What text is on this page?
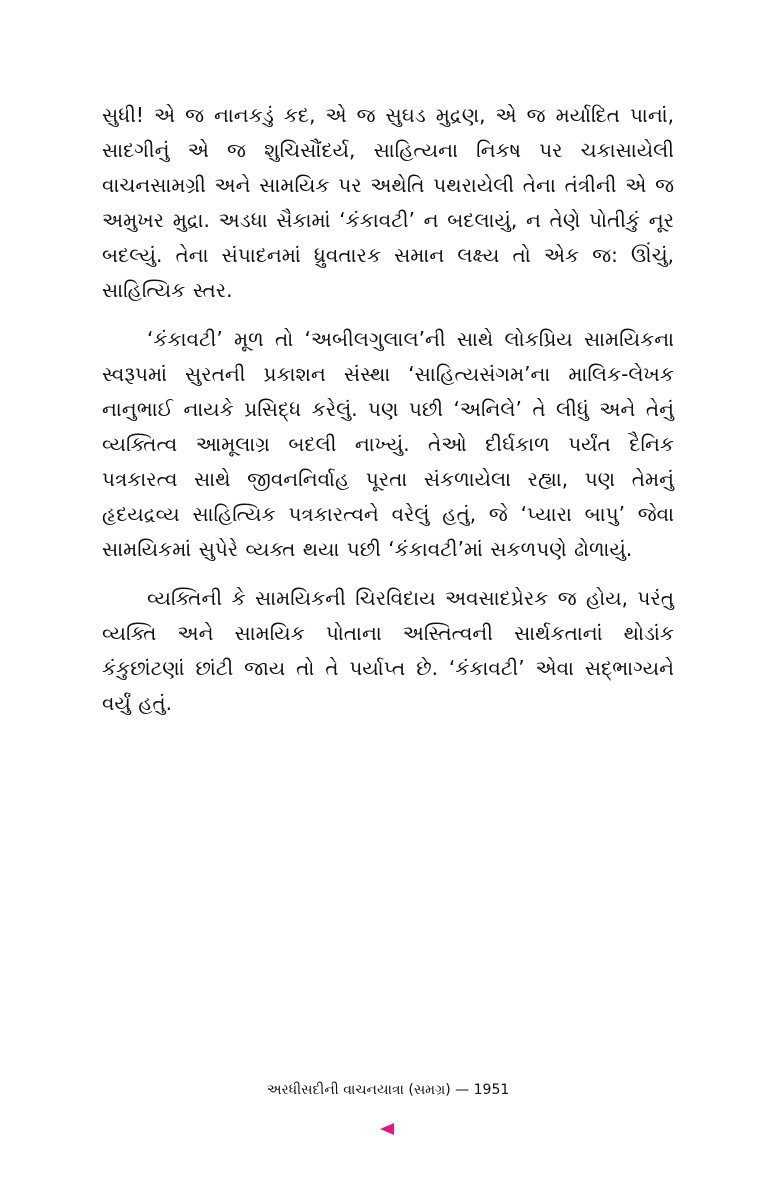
સુધી! એ જ નાનકડું કદ, એ જ સુઘડ મુદ્રણ, એ જ મર્યાદિત પાનાં, સાદગીનું એ જ શુચિસૌંદર્ય, સાહિત્યના નિકષ પર ચકાસાયેલી વાચનસામગ્રી અને સામયિક પર અથેતિ પથરાયેલી તેના તંત્રીની એ જ અમુખર મુદ્રા. અડધા સૈકામાં ‘કંકાવટી’ ન બદલાયું, ન તેણે પોતીકું નૂર બદલ્યું. તેના સંપાદનમાં ધ્રુવતારક સમાન લક્ષ્ય તો એક જ: ઊંચું, સાહિત્યિક સ્તર.

‘કંકાવટી’ મૂળ તો ‘અબીલગુલાલ’ની સાથે લોકપ્રિય સામયિકના સ્વરૂપમાં સુરતની પ્રકાશન સંસ્થા ‘સાહિત્યસંગમ’ના માલિક-લેખક નાનુભાઈ નાયકે પ્રસિદ્ધ કરેલું. પણ પછી ‘અનિલે’ તે લીધું અને તેનું વ્યક્તિત્વ આમૂલાગ્ર બદલી નાખ્યું. તેઓ દીર્ઘકાળ પર્યંત દૈનિક પત્રકારત્વ સાથે જીવનનિર્વાહ પૂરતા સંકળાયેલા રહ્યા, પણ તેમનું હૃદયદ્રવ્ય સાહિત્યિક પત્રકારત્વને વરેલું હતું, જે ‘પ્યારા બાપુ’ જેવા સામયિકમાં સુપેરે વ્યક્ત થયા પછી ‘કંકાવટી’માં સકળપણે ઢોળાયું.

વ્યક્તિની કે સામયિકની ચિરવિદાય અવસાદપ્રેરક જ હોય, પરંતુ વ્યક્તિ અને સામયિક પોતાના અસ્તિત્વની સાર્થકતાનાં થોડાંક કંકુછાંટણાં છાંટી જાય તો તે પર્યાપ્ત છે. ‘કંકાવટી’ એવા સદ્ભાગ્યને વર્યું હતું.

અરધીસદીની વાચનયાત્રા (સમગ્ર) — 1951
